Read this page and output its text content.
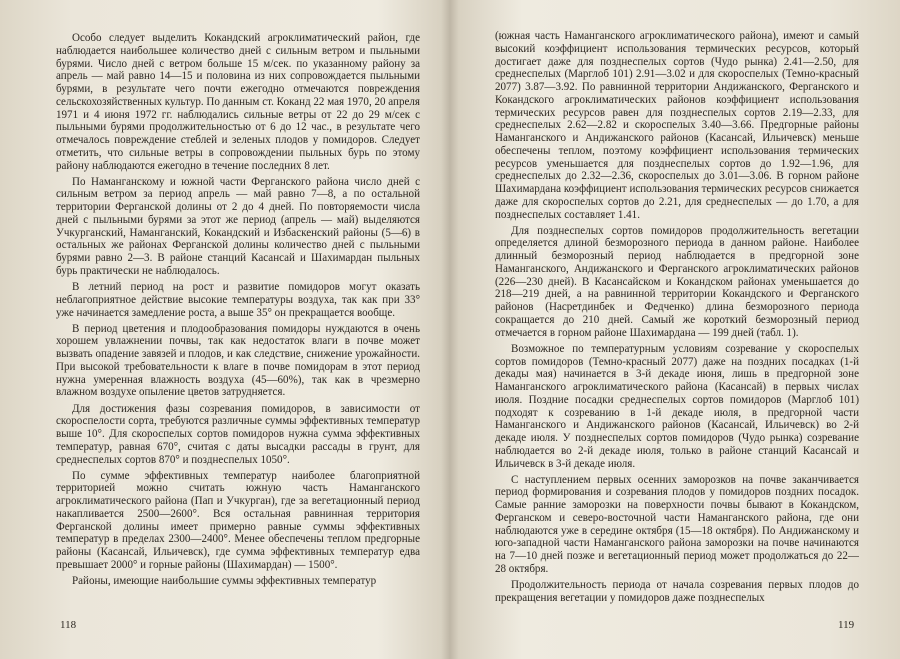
Особо следует выделить Кокандский агроклиматический район, где наблюдается наибольшее количество дней с сильным ветром и пыльными бурями. Число дней с ветром больше 15 м/сек. по указанному району за апрель — май равно 14—15 и половина из них сопровождается пыльными бурями, в результате чего почти ежегодно отмечаются повреждения сельскохозяйственных культур. По данным ст. Коканд 22 мая 1970, 20 апреля 1971 и 4 июня 1972 гг. наблюдались сильные ветры от 22 до 29 м/сек с пыльными бурями продолжительностью от 6 до 12 час., в результате чего отмечалось повреждение стеблей и зеленых плодов у помидоров. Следует отметить, что сильные ветры в сопровождении пыльных бурь по этому району наблюдаются ежегодно в течение последних 8 лет.

По Наманганскому и южной части Ферганского района число дней с сильным ветром за период апрель — май равно 7—8, а по остальной территории Ферганской долины от 2 до 4 дней. По повторяемости числа дней с пыльными бурями за этот же период (апрель — май) выделяются Учкурганский, Наманганский, Кокандский и Избаскенский районы (5—6) в остальных же районах Ферганской долины количество дней с пыльными бурями равно 2—3. В районе станций Касансай и Шахимардан пыльных бурь практически не наблюдалось.

В летний период на рост и развитие помидоров могут оказать неблагоприятное действие высокие температуры воздуха, так как при 33° уже начинается замедление роста, а выше 35° он прекращается вообще.

В период цветения и плодообразования помидоры нуждаются в очень хорошем увлажнении почвы, так как недостаток влаги в почве может вызвать опадение завязей и плодов, и как следствие, снижение урожайности. При высокой требовательности к влаге в почве помидорам в этот период нужна умеренная влажность воздуха (45—60%), так как в чрезмерно влажном воздухе опыление цветов затрудняется.

Для достижения фазы созревания помидоров, в зависимости от скороспелости сорта, требуются различные суммы эффективных температур выше 10°. Для скороспелых сортов помидоров нужна сумма эффективных температур, равная 670°, считая с даты высадки рассады в грунт, для среднеспелых сортов 870° и позднеспелых 1050°.

По сумме эффективных температур наиболее благоприятной территорией можно считать южную часть Наманганского агроклиматического района (Пап и Учкурган), где за вегетационный период накапливается 2500—2600°. Вся остальная равнинная территория Ферганской долины имеет примерно равные суммы эффективных температур в пределах 2300—2400°. Менее обеспечены теплом предгорные районы (Касансай, Ильичевск), где сумма эффективных температур едва превышает 2000° и горные районы (Шахимардан) — 1500°.

Районы, имеющие наибольшие суммы эффективных температур

118

(южная часть Наманганского агроклиматического района), имеют и самый высокий коэффициент использования термических ресурсов, который достигает даже для позднеспелых сортов (Чудо рынка) 2.41—2.50, для среднеспелых (Марглоб 101) 2.91—3.02 и для скороспелых (Темно-красный 2077) 3.87—3.92. По равнинной территории Андижанского, Ферганского и Кокандского агроклиматических районов коэффициент использования термических ресурсов равен для позднеспелых сортов 2.19—2.33, для среднеспелых 2.62—2.82 и скороспелых 3.40—3.66. Предгорные районы Наманганского и Андижанского районов (Касансай, Ильичевск) меньше обеспечены теплом, поэтому коэффициент использования термических ресурсов уменьшается для позднеспелых сортов до 1.92—1.96, для среднеспелых до 2.32—2.36, скороспелых до 3.01—3.06. В горном районе Шахимардана коэффициент использования термических ресурсов снижается даже для скороспелых сортов до 2.21, для среднеспелых — до 1.70, а для позднеспелых составляет 1.41.

Для позднеспелых сортов помидоров продолжительность вегетации определяется длиной безморозного периода в данном районе. Наиболее длинный безморозный период наблюдается в предгорной зоне Наманганского, Андижанского и Ферганского агроклиматических районов (226—230 дней). В Касансайском и Кокандском районах уменьшается до 218—219 дней, а на равнинной территории Кокандского и Ферганского районов (Насретдинбек и Федченко) длина безморозного периода сокращается до 210 дней. Самый же короткий безморозный период отмечается в горном районе Шахимардана — 199 дней (табл. 1).

Возможное по температурным условиям созревание у скороспелых сортов помидоров (Темно-красный 2077) даже на поздних посадках (1-й декады мая) начинается в 3-й декаде июня, лишь в предгорной зоне Наманганского агроклиматического района (Касансай) в первых числах июля. Поздние посадки среднеспелых сортов помидоров (Марглоб 101) подходят к созреванию в 1-й декаде июля, в предгорной части Наманганского и Андижанского районов (Касансай, Ильичевск) во 2-й декаде июля. У позднеспелых сортов помидоров (Чудо рынка) созревание наблюдается во 2-й декаде июля, только в районе станций Касансай и Ильичевск в 3-й декаде июля.

С наступлением первых осенних заморозков на почве заканчивается период формирования и созревания плодов у помидоров поздних посадок. Самые ранние заморозки на поверхности почвы бывают в Кокандском, Ферганском и северо-восточной части Наманганского района, где они наблюдаются уже в середине октября (15—18 октября). По Андижанскому и юго-западной части Наманганского района заморозки на почве начинаются на 7—10 дней позже и вегетационный период может продолжаться до 22—28 октября.

Продолжительность периода от начала созревания первых плодов до прекращения вегетации у помидоров даже позднеспелых

119
